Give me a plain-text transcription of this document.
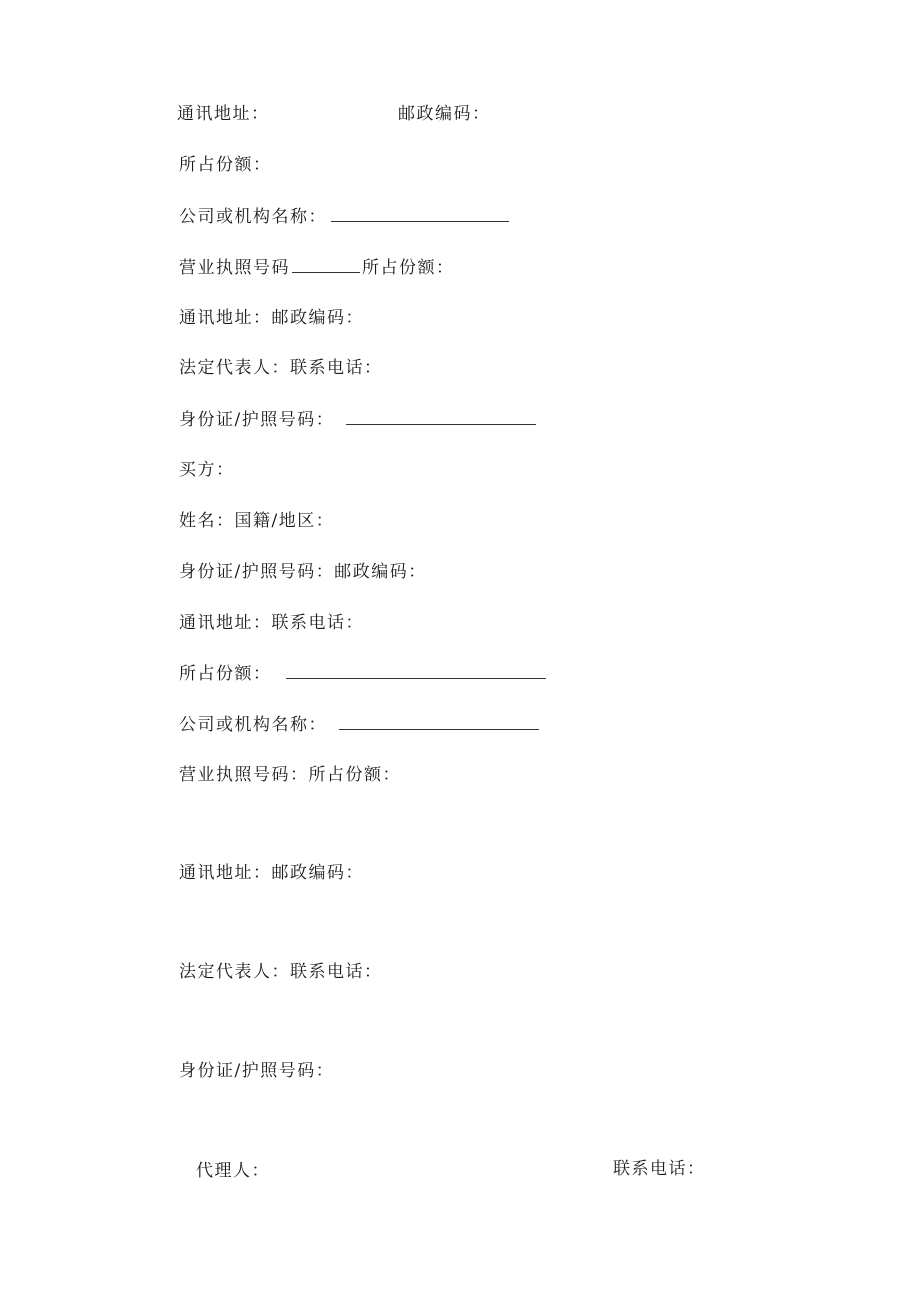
通讯地址：	邮政编码：
所占份额：
公司或机构名称：
营业执照号码	所占份额：
通讯地址：邮政编码：
法定代表人：联系电话：
身份证/护照号码：
买方：
姓名：国籍/地区：
身份证/护照号码：邮政编码：
通讯地址：联系电话：
所占份额：
公司或机构名称：
营业执照号码：所占份额：
通讯地址：邮政编码：
法定代表人：联系电话：
身份证/护照号码：
代理人：	联系电话：
